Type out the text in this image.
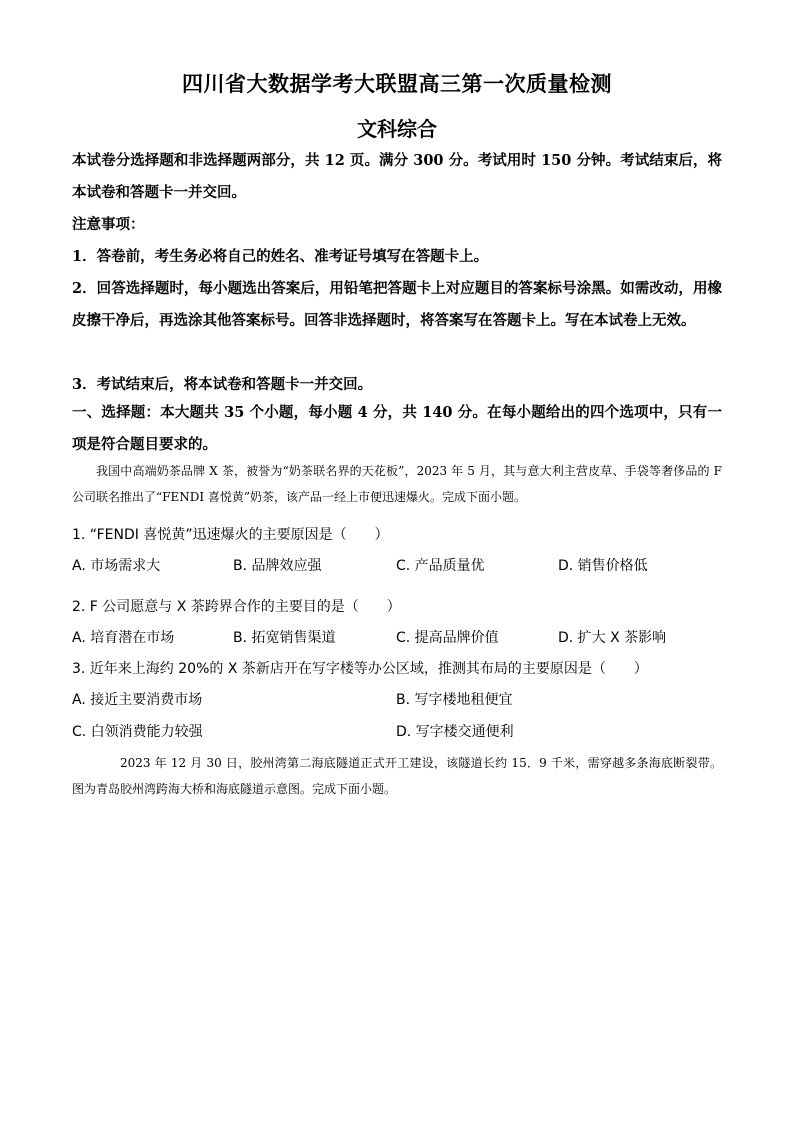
四川省大数据学考大联盟高三第一次质量检测
文科综合
本试卷分选择题和非选择题两部分，共 12 页。满分 300 分。考试用时 150 分钟。考试结束后，将本试卷和答题卡一并交回。
注意事项：
1．答卷前，考生务必将自己的姓名、准考证号填写在答题卡上。
2．回答选择题时，每小题选出答案后，用铅笔把答题卡上对应题目的答案标号涂黑。如需改动，用橡皮擦干净后，再选涂其他答案标号。回答非选择题时，将答案写在答题卡上。写在本试卷上无效。
3．考试结束后，将本试卷和答题卡一并交回。
一、选择题：本大题共 35 个小题，每小题 4 分，共 140 分。在每小题给出的四个选项中，只有一项是符合题目要求的。
我国中高端奶茶品牌 X 茶，被誉为“奶茶联名界的天花板”，2023 年 5 月，其与意大利主营皮草、手袋等奢侈品的 F 公司联名推出了“FENDI 喜悦黄”奶茶，该产品一经上市便迅速爆火。完成下面小题。
1. “FENDI 喜悦黄”迅速爆火的主要原因是（　　）
A. 市场需求大	B. 品牌效应强	C. 产品质量优	D. 销售价格低
2. F 公司愿意与 X 茶跨界合作的主要目的是（　　）
A. 培育潜在市场	B. 拓宽销售渠道	C. 提高品牌价值	D. 扩大 X 茶影响
3. 近年来上海约 20%的 X 茶新店开在写字楼等办公区域，推测其布局的主要原因是（　　）
A. 接近主要消费市场	B. 写字楼地租便宜
C. 白领消费能力较强	D. 写字楼交通便利
2023 年 12 月 30 日，胶州湾第二海底隧道正式开工建设，该隧道长约 15．9 千米，需穿越多条海底断裂带。图为青岛胶州湾跨海大桥和海底隧道示意图。完成下面小题。
